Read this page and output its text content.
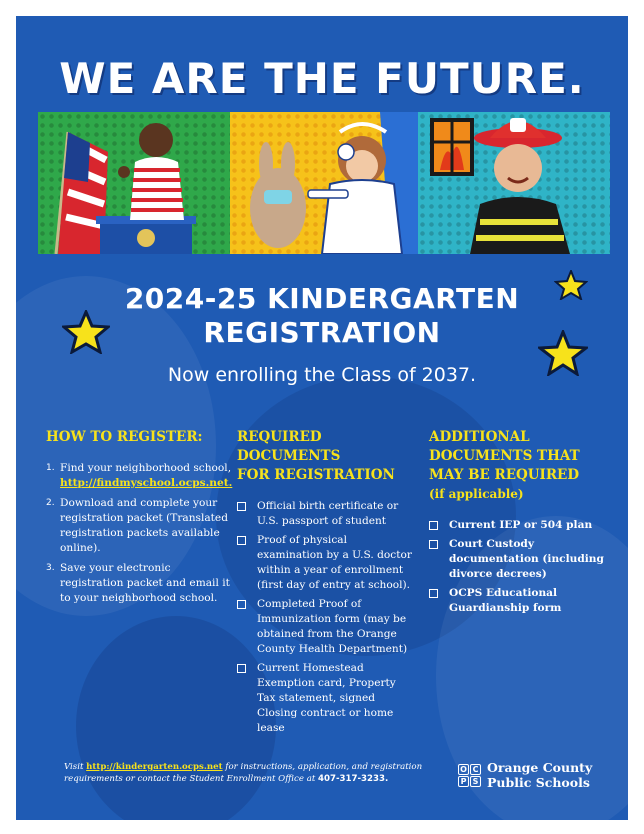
WE ARE THE FUTURE.
2024-25 KINDERGARTEN
REGISTRATION
Now enrolling the Class of 2037.
HOW TO REGISTER:
1. Find your neighborhood school, http://findmyschool.ocps.net.
2. Download and complete your registration packet (Translated registration packets available online).
3. Save your electronic registration packet and email it to your neighborhood school.
REQUIRED
DOCUMENTS
FOR REGISTRATION
Official birth certificate or U.S. passport of student
Proof of physical examination by a U.S. doctor within a year of enrollment (first day of entry at school).
Completed Proof of Immunization form (may be obtained from the Orange County Health Department)
Current Homestead Exemption card, Property Tax statement, signed Closing contract or home lease
ADDITIONAL
DOCUMENTS THAT
MAY BE REQUIRED
(if applicable)
Current IEP or 504 plan
Court Custody documentation (including divorce decrees)
OCPS Educational Guardianship form
Visit http://kindergarten.ocps.net for instructions, application, and registration requirements or contact the Student Enrollment Office at 407-317-3233.
O C
P S
Orange County
Public Schools
